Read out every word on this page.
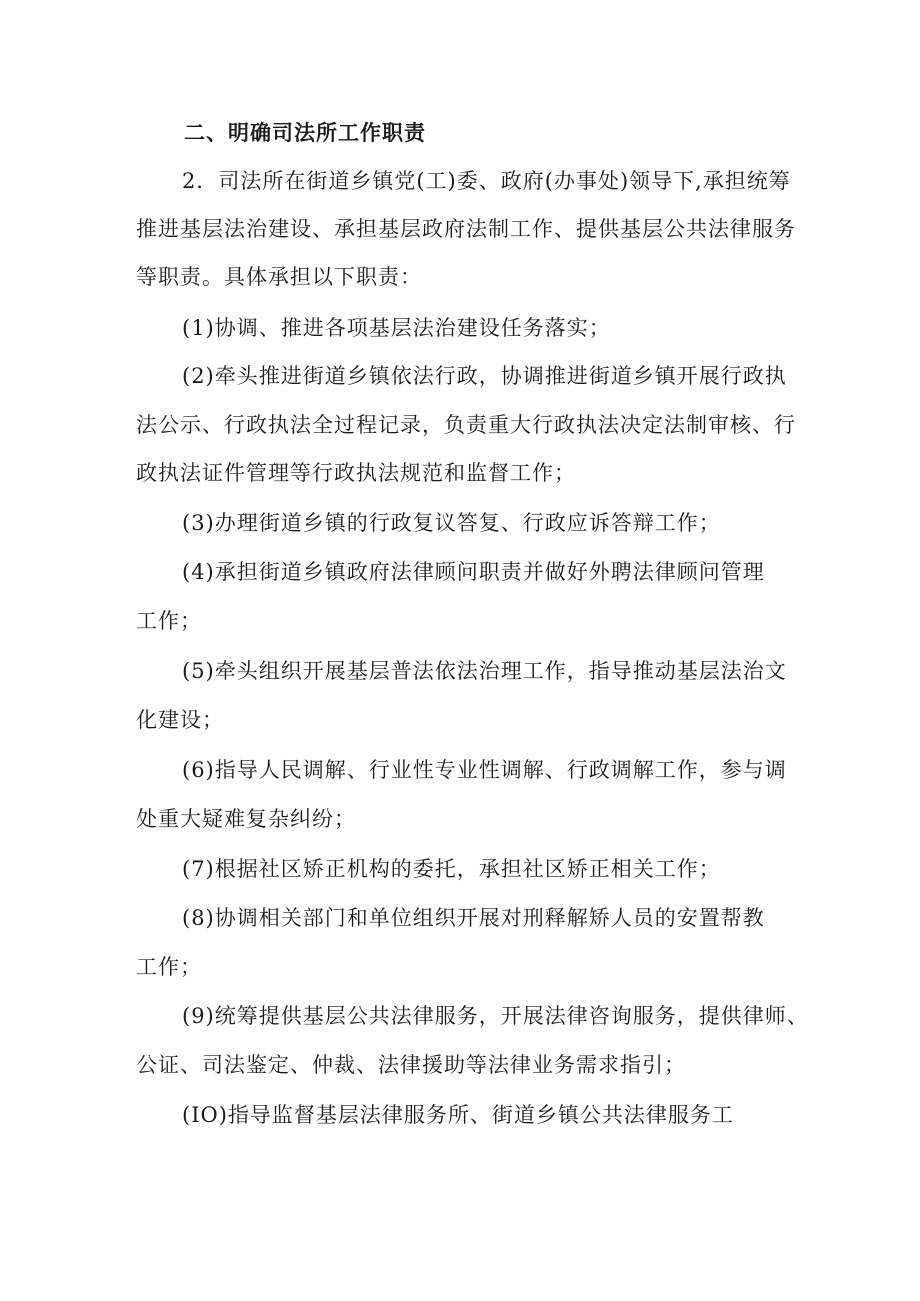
二、明确司法所工作职责
2．司法所在街道乡镇党(工)委、政府(办事处)领导下,承担统筹
推进基层法治建设、承担基层政府法制工作、提供基层公共法律服务
等职责。具体承担以下职责：
(1)协调、推进各项基层法治建设任务落实；
(2)牵头推进街道乡镇依法行政，协调推进街道乡镇开展行政执
法公示、行政执法全过程记录，负责重大行政执法决定法制审核、行
政执法证件管理等行政执法规范和监督工作；
(3)办理街道乡镇的行政复议答复、行政应诉答辩工作；
(4)承担街道乡镇政府法律顾问职责并做好外聘法律顾问管理
工作；
(5)牵头组织开展基层普法依法治理工作，指导推动基层法治文
化建设；
(6)指导人民调解、行业性专业性调解、行政调解工作，参与调
处重大疑难复杂纠纷；
(7)根据社区矫正机构的委托，承担社区矫正相关工作；
(8)协调相关部门和单位组织开展对刑释解矫人员的安置帮教
工作；
(9)统筹提供基层公共法律服务，开展法律咨询服务，提供律师、
公证、司法鉴定、仲裁、法律援助等法律业务需求指引；
(IO)指导监督基层法律服务所、街道乡镇公共法律服务工
